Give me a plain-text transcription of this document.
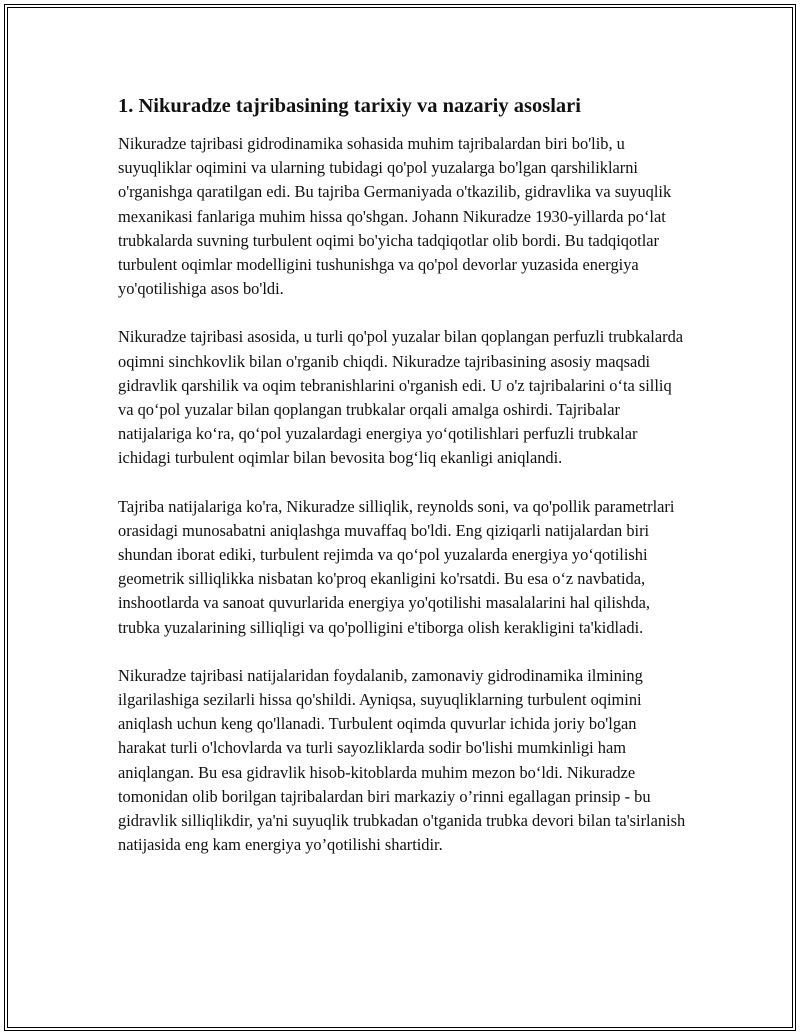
1. Nikuradze tajribasining tarixiy va nazariy asoslari

Nikuradze tajribasi gidrodinamika sohasida muhim tajribalardan biri bo'lib, u suyuqliklar oqimini va ularning tubidagi qo'pol yuzalarga bo'lgan qarshiliklarni o'rganishga qaratilgan edi. Bu tajriba Germaniyada o'tkazilib, gidravlika va suyuqlik mexanikasi fanlariga muhim hissa qo'shgan. Johann Nikuradze 1930-yillarda po‘lat trubkalarda suvning turbulent oqimi bo'yicha tadqiqotlar olib bordi. Bu tadqiqotlar turbulent oqimlar modelligini tushunishga va qo'pol devorlar yuzasida energiya yo'qotilishiga asos bo'ldi.

Nikuradze tajribasi asosida, u turli qo'pol yuzalar bilan qoplangan perfuzli trubkalarda oqimni sinchkovlik bilan o'rganib chiqdi. Nikuradze tajribasining asosiy maqsadi gidravlik qarshilik va oqim tebranishlarini o'rganish edi. U o'z tajribalarini o‘ta silliq va qo‘pol yuzalar bilan qoplangan trubkalar orqali amalga oshirdi. Tajribalar natijalariga ko‘ra, qo‘pol yuzalardagi energiya yo‘qotilishlari perfuzli trubkalar ichidagi turbulent oqimlar bilan bevosita bog‘liq ekanligi aniqlandi.

Tajriba natijalariga ko'ra, Nikuradze silliqlik, reynolds soni, va qo'pollik parametrlari orasidagi munosabatni aniqlashga muvaffaq bo'ldi. Eng qiziqarli natijalardan biri shundan iborat ediki, turbulent rejimda va qo‘pol yuzalarda energiya yo‘qotilishi geometrik silliqlikka nisbatan ko'proq ekanligini ko'rsatdi. Bu esa o‘z navbatida, inshootlarda va sanoat quvurlarida energiya yo'qotilishi masalalarini hal qilishda, trubka yuzalarining silliqligi va qo'polligini e'tiborga olish kerakligini ta'kidladi.

Nikuradze tajribasi natijalaridan foydalanib, zamonaviy gidrodinamika ilmining ilgarilashiga sezilarli hissa qo'shildi. Ayniqsa, suyuqliklarning turbulent oqimini aniqlash uchun keng qo'llanadi. Turbulent oqimda quvurlar ichida joriy bo'lgan harakat turli o'lchovlarda va turli sayozliklarda sodir bo'lishi mumkinligi ham aniqlangan. Bu esa gidravlik hisob-kitoblarda muhim mezon bo‘ldi. Nikuradze tomonidan olib borilgan tajribalardan biri markaziy o’rinni egallagan prinsip - bu gidravlik silliqlikdir, ya'ni suyuqlik trubkadan o'tganida trubka devori bilan ta'sirlanish natijasida eng kam energiya yo’qotilishi shartidir.
